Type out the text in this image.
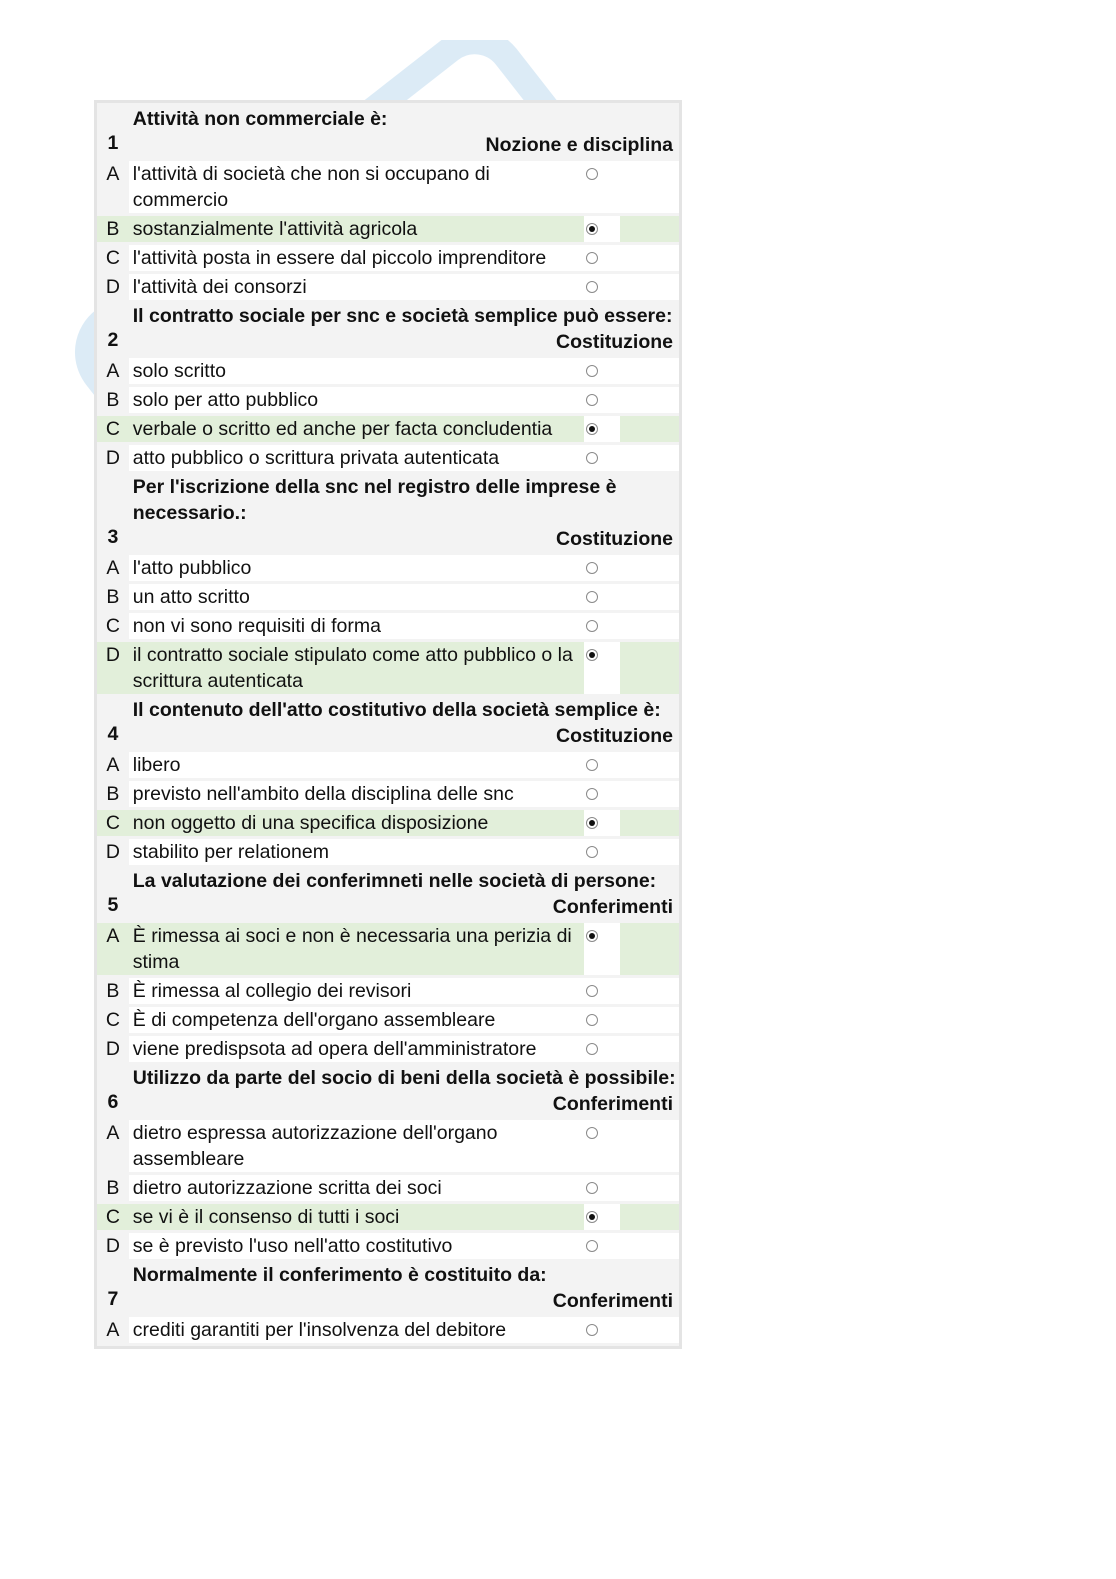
1	Attività non commerciale è:
Nozione e disciplina		

A	l'attività di società che non si occupano di commercio		
B	sostanzialmente l'attività agricola		
C	l'attività posta in essere dal piccolo imprenditore		
D	l'attività dei consorzi		
2	Il contratto sociale per snc e società semplice può essere:
Costituzione		

A	solo scritto		
B	solo per atto pubblico		
C	verbale o scritto ed anche per facta concludentia		
D	atto pubblico o scrittura privata autenticata		
3	Per l'iscrizione della snc nel registro delle imprese è necessario.:
Costituzione		

A	l'atto pubblico		
B	un atto scritto		
C	non vi sono requisiti di forma		
D	il contratto sociale stipulato come atto pubblico o la scrittura autenticata		
4	Il contenuto dell'atto costitutivo della società semplice è:
Costituzione		

A	libero		
B	previsto nell'ambito della disciplina delle snc		
C	non oggetto di una specifica disposizione		
D	stabilito per relationem		
5	La valutazione dei conferimneti nelle società di persone:
Conferimenti		

A	È rimessa ai soci e non è necessaria una perizia di stima		
B	È rimessa al collegio dei revisori		
C	È di competenza dell'organo assembleare		
D	viene predispsota ad opera dell'amministratore		
6	Utilizzo da parte del socio di beni della società è possibile:
Conferimenti		

A	dietro espressa autorizzazione dell'organo assembleare		
B	dietro autorizzazione scritta dei soci		
C	se vi è il consenso di tutti i soci		
D	se è previsto l'uso nell'atto costitutivo		
7	Normalmente il conferimento è costituito da:
Conferimenti		

A	crediti garantiti per l'insolvenza del debitore		
